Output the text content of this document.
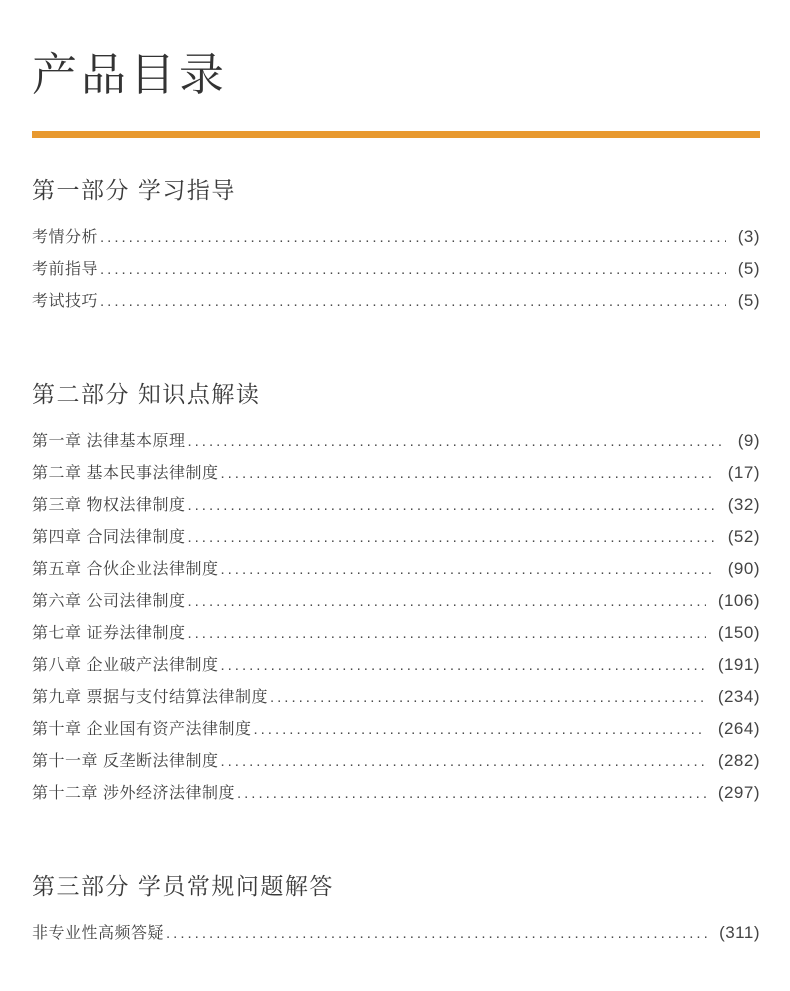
产品目录
第一部分 学习指导
考情分析 .....	(3)
考前指导 .....	(5)
考试技巧 .....	(5)
第二部分 知识点解读
第一章 法律基本原理 .....	(9)
第二章 基本民事法律制度 .....	(17)
第三章 物权法律制度 .....	(32)
第四章 合同法律制度 .....	(52)
第五章 合伙企业法律制度 .....	(90)
第六章 公司法律制度 .....	(106)
第七章 证券法律制度 .....	(150)
第八章 企业破产法律制度 .....	(191)
第九章 票据与支付结算法律制度 .....	(234)
第十章 企业国有资产法律制度 .....	(264)
第十一章 反垄断法律制度 .....	(282)
第十二章 涉外经济法律制度 .....	(297)
第三部分 学员常规问题解答
非专业性高频答疑 .....	(311)
